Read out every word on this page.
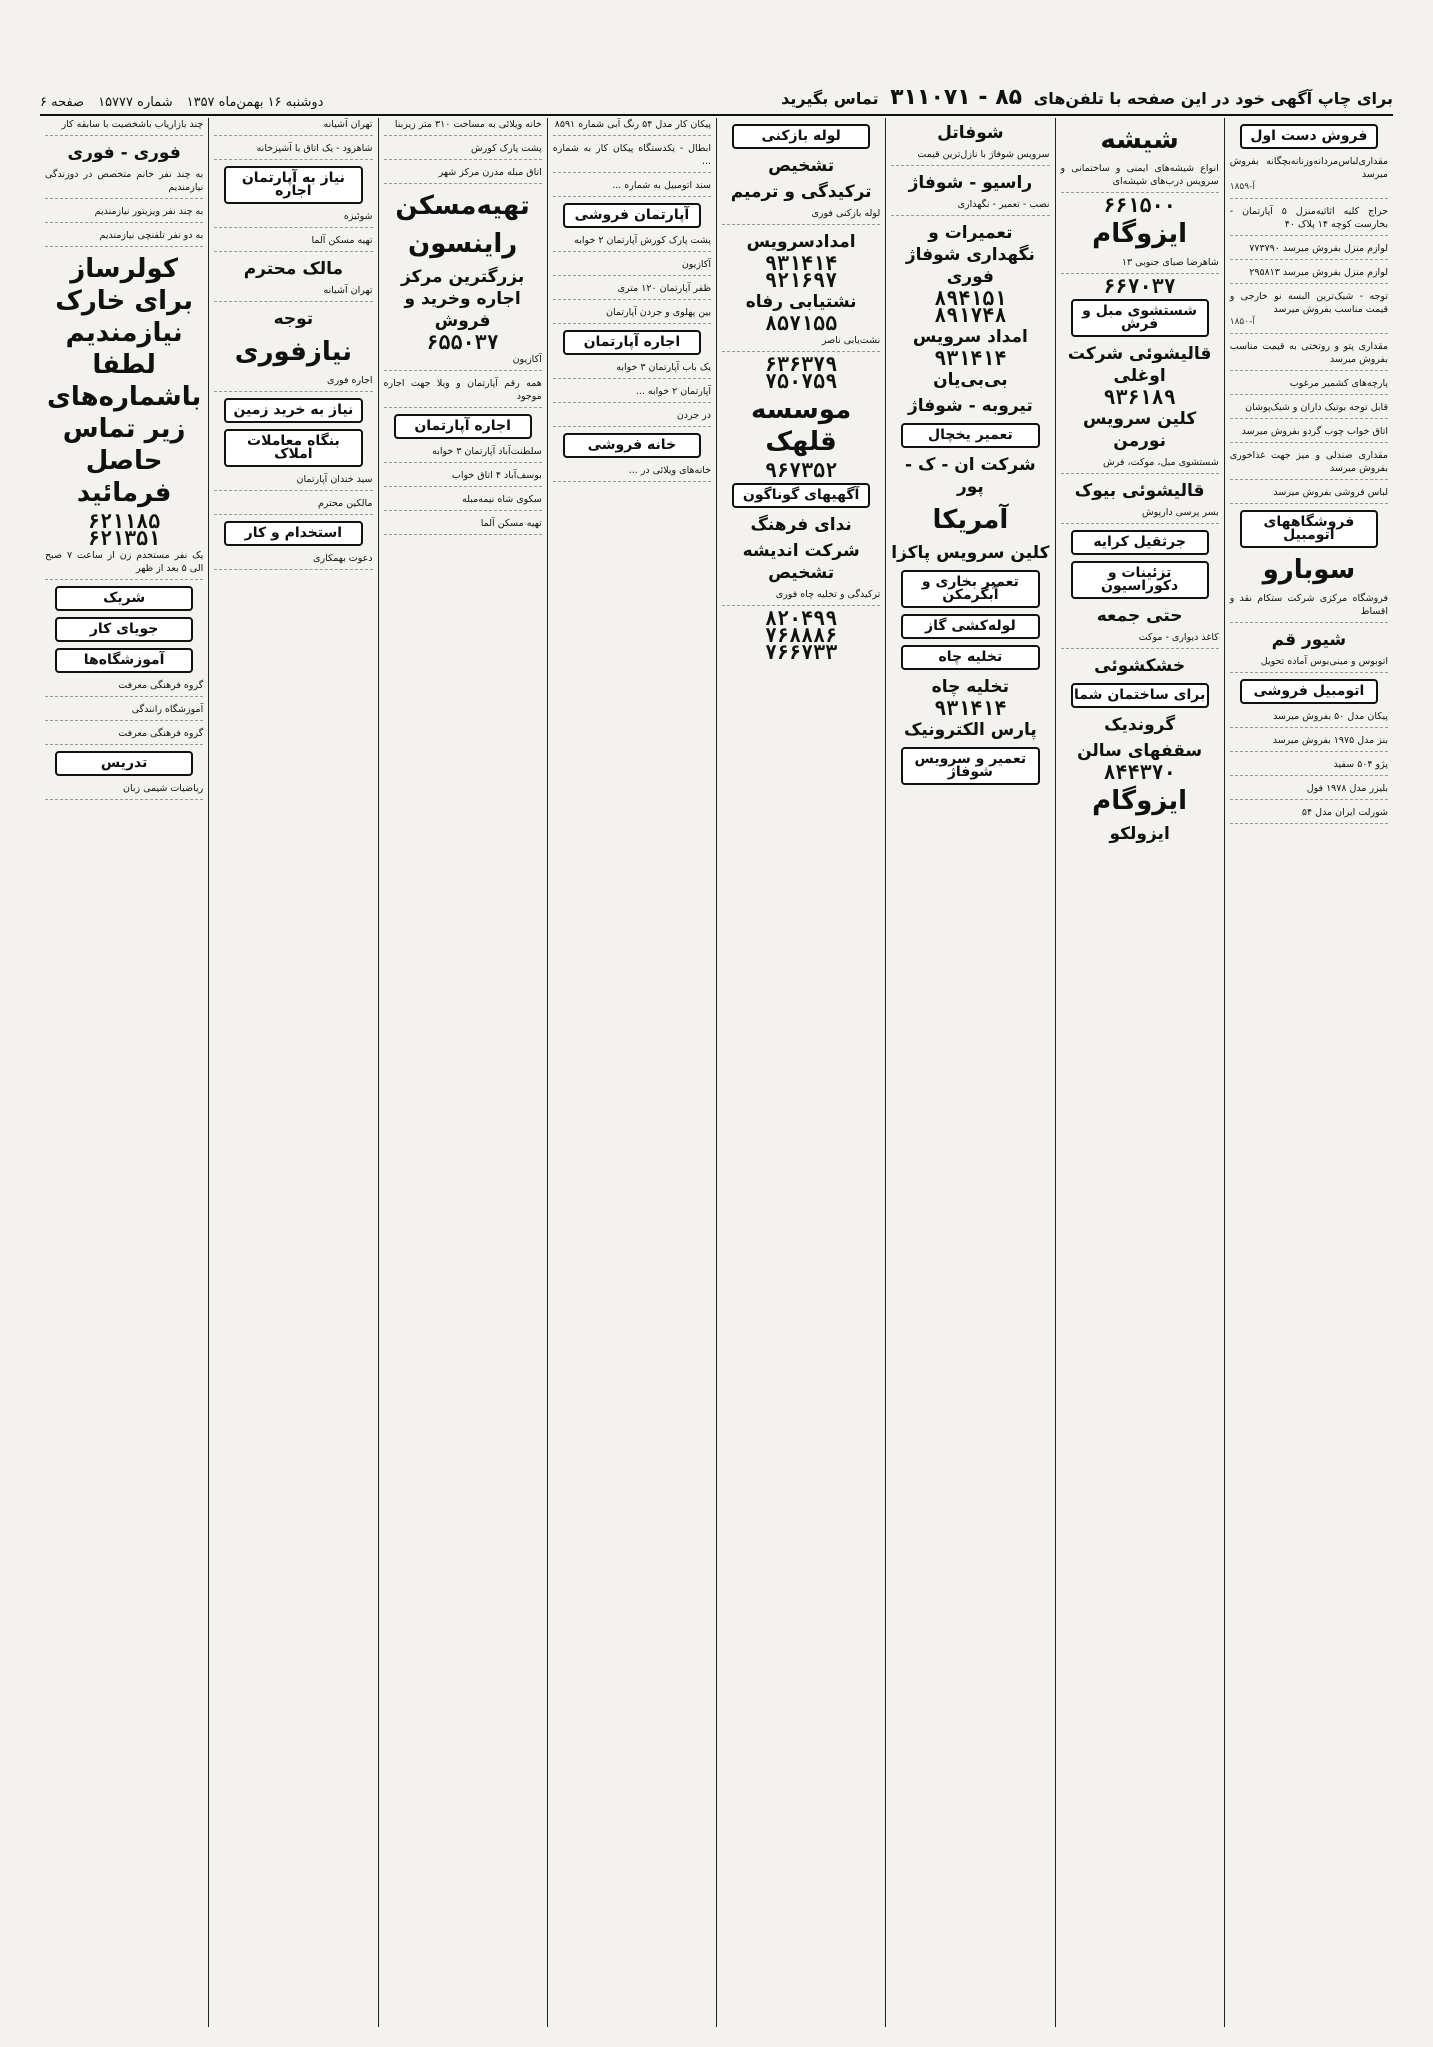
برای چاپ آگهی خود در این صفحه با تلفن‌های ۸۵ - ۳۱۱۰۷۱ تماس بگیرید
دوشنبه ۱۶ بهمن‌ماه ۱۳۵۷
شماره ۱۵۷۷۷
صفحه ۶
فروش دست اول
مقداری‌لباس‌مردانه‌وزنانه‌بچگانه بفروش میرسد
آ-۱۸۵۹
حراج کلیه اثاثیه‌منزل ۵ آپارتمان - بخارست کوچه ۱۴ پلاک ۴۰
لوازم منزل بفروش میرسد ۷۷۳۷۹۰
لوازم منزل بفروش میرسد ۲۹۵۸۱۳
توجه - شیک‌ترین البسه نو خارجی و قیمت مناسب بفروش میرسد
آ-۱۸۵۰
مقداری پتو و روتختی به قیمت مناسب بفروش میرسد
پارچه‌های کشمیر مرغوب
قابل توجه بوتیک داران و شیک‌پوشان
اتاق خواب چوب گردو بفروش میرسد
مقداری صندلی و میز جهت غذاخوری بفروش میرسد
لباس فروشی بفروش میرسد
فروشگاههای اتومبیل
سوبارو
فروشگاه مرکزی شرکت ستکام نقد و اقساط
شیور قم
اتوبوس و مینی‌بوس آماده تحویل
اتومبیل فروشی
پیکان مدل ۵۰ بفروش میرسد
بنز مدل ۱۹۷۵ بفروش میرسد
پژو ۵۰۴ سفید
بلیزر مدل ۱۹۷۸ فول
شورلت ایران مدل ۵۴
شیشه
انواع شیشه‌های ایمنی و ساختمانی و سرویس درب‌های شیشه‌ای
۶۶۱۵۰۰
ایزوگام
شاهرضا صبای جنوبی ۱۳
۶۶۷۰۳۷
شستشوی مبل و فرش
قالیشوئی شرکت اوغلی
۹۳۶۱۸۹
کلین سرویس نورمن
شستشوی مبل، موکت، فرش
قالیشوئی بیوک
بسر پرسی داریوش
جرثقیل کرایه
تزئینات و دکوراسیون
حتی جمعه
کاغذ دیواری - موکت
خشکشوئی
برای ساختمان شما
گروندیک
سقفهای سالن
۸۴۴۳۷۰
ایزوگام
ایزولکو
شوفاتل
سرویس شوفاژ با نازل‌ترین قیمت
راسیو - شوفاژ
نصب - تعمیر - نگهداری
تعمیرات و نگهداری شوفاژ فوری
۸۹۴۱۵۱
۸۹۱۷۴۸
امداد سرویس
۹۳۱۴۱۴
بی‌بی‌یان
تیروبه - شوفاژ
تعمیر یخچال
شرکت ان - ک - پور
آمریکا
کلین سرویس پاکزا
تعمیر بخاری و آبگرمکن
لوله‌کشی گاز
تخلیه چاه
تخلیه چاه
۹۳۱۴۱۴
پارس الکترونیک
تعمیر و سرویس شوفاژ
لوله بازکنی
تشخیص
ترکیدگی و ترمیم
لوله بازکنی فوری
امدادسرویس
۹۳۱۴۱۴
۹۲۱۶۹۷
نشتیابی رفاه
۸۵۷۱۵۵
نشت‌یابی ناصر
۶۳۶۳۷۹
۷۵۰۷۵۹
موسسه قلهک
۹۶۷۳۵۲
آگهیهای گوناگون
ندای فرهنگ
شرکت اندیشه تشخیص
ترکیدگی و تخلیه چاه فوری
۸۲۰۴۹۹
۷۶۸۸۸۶
۷۶۶۷۳۳
پیکان کار مدل ۵۴ رنگ آبی شماره ۸۵۹۱
ابطال - یکدستگاه پیکان کار به شماره ...
سند اتومبیل به شماره ...
آپارتمان فروشی
پشت پارک کورش آپارتمان ۲ خوابه
آکازیون
ظفر آپارتمان ۱۲۰ متری
بین پهلوی و جردن آپارتمان
اجاره آپارتمان
یک باب آپارتمان ۳ خوابه
آپارتمان ۲ خوابه ...
در جردن
خانه فروشی
خانه‌های ویلائی در ...
خانه ویلائی به مساحت ۳۱۰ متر زیربنا
پشت پارک کورش
اتاق مبله مدرن مرکز شهر
تهیه‌مسکن
راینسون
بزرگترین مرکز اجاره وخرید و فروش
۶۵۵۰۳۷
آکازیون
همه رقم آپارتمان و ویلا جهت اجاره موجود
اجاره آپارتمان
سلطنت‌آباد آپارتمان ۳ خوابه
بوسف‌آباد ۴ اتاق خواب
سکوی شاه نیمه‌مبله
تهیه مسکن آلما
تهران آشیانه
شاهرود - یک اتاق با آشپزخانه
نیاز به آپارتمان اجاره
شوئیزه
تهیه مسکن آلما
مالک محترم
تهران آشیانه
توجه
نیازفوری
اجاره فوری
نیاز به خرید زمین
بنگاه معاملات املاک
سید خندان آپارتمان
مالکین محترم
استخدام و کار
دعوت بهمکاری
چند بازاریاب باشخصیت با سابقه کار
فوری - فوری
به چند نفر خانم متخصص در دوزندگی نیازمندیم
به چند نفر ویزیتور نیازمندیم
به دو نفر تلفنچی نیازمندیم
کولرساز برای خارک نیازمندیم لطفا باشماره‌های زیر تماس حاصل فرمائید
۶۲۱۱۸۵
۶۲۱۳۵۱
یک نفر مستخدم زن از ساعت ۷ صبح الی ۵ بعد از ظهر
شریک
جویای کار
آموزشگاه‌ها
گروه فرهنگی معرفت
آموزشگاه رانندگی
گروه فرهنگی معرفت
تدریس
ریاضیات شیمی زبان
